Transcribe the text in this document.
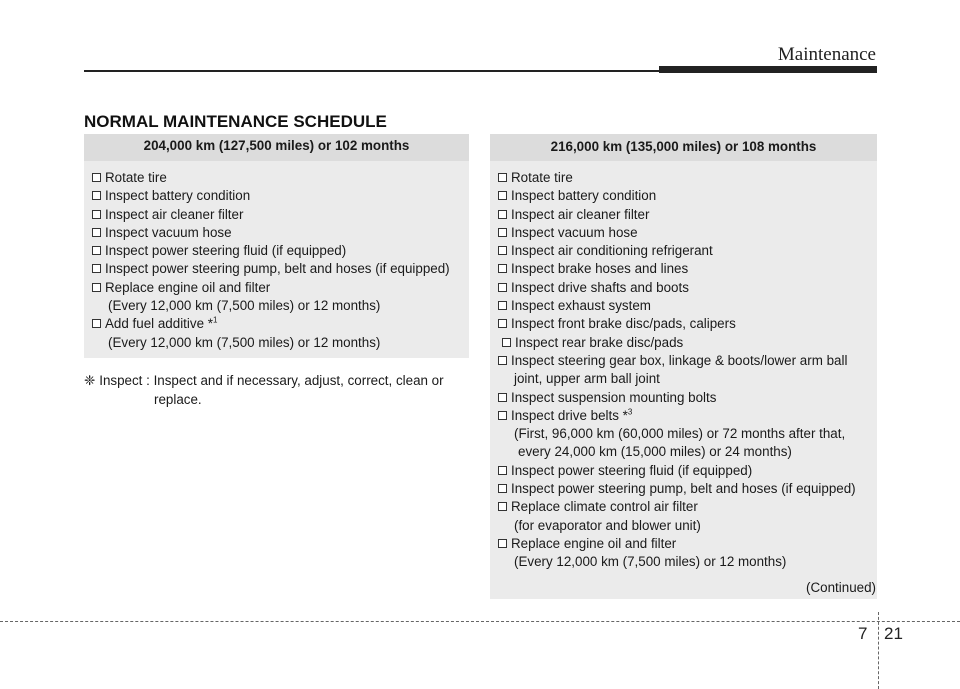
Maintenance
NORMAL MAINTENANCE SCHEDULE
204,000 km (127,500 miles) or 102 months
Rotate tire
Inspect battery condition
Inspect air cleaner filter
Inspect vacuum hose
Inspect power steering fluid (if equipped)
Inspect power steering pump, belt and hoses (if equipped)
Replace engine oil and filter
(Every 12,000 km (7,500 miles) or 12 months)
Add fuel additive *$^1$
(Every 12,000 km (7,500 miles) or 12 months)
❈ Inspect : Inspect and if necessary, adjust, correct, clean or
replace.
216,000 km (135,000 miles) or 108 months
Rotate tire
Inspect battery condition
Inspect air cleaner filter
Inspect vacuum hose
Inspect air conditioning refrigerant
Inspect brake hoses and lines
Inspect drive shafts and boots
Inspect exhaust system
Inspect front brake disc/pads, calipers
Inspect rear brake disc/pads
Inspect steering gear box, linkage & boots/lower arm ball
joint, upper arm ball joint
Inspect suspension mounting bolts
Inspect drive belts *$^3$
(First, 96,000 km (60,000 miles) or 72 months after that,
every 24,000 km (15,000 miles) or 24 months)
Inspect power steering fluid (if equipped)
Inspect power steering pump, belt and hoses (if equipped)
Replace climate control air filter
(for evaporator and blower unit)
Replace engine oil and filter
(Every 12,000 km (7,500 miles) or 12 months)
(Continued)
7 21
